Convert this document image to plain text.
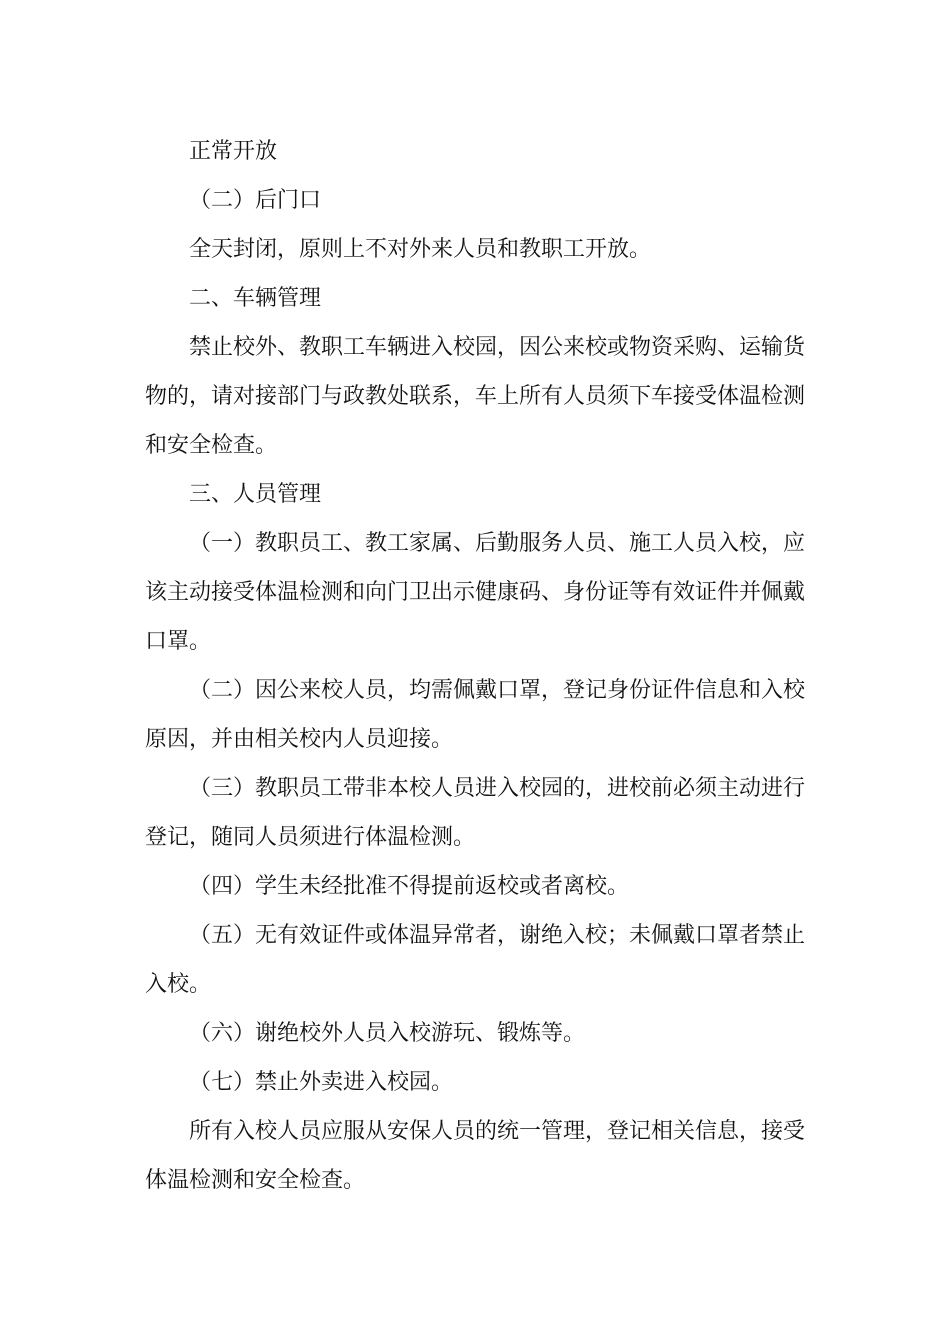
正常开放

（二）后门口

全天封闭，原则上不对外来人员和教职工开放。

二、车辆管理

禁止校外、教职工车辆进入校园，因公来校或物资采购、运输货物的，请对接部门与政教处联系，车上所有人员须下车接受体温检测和安全检查。

三、人员管理

（一）教职员工、教工家属、后勤服务人员、施工人员入校，应该主动接受体温检测和向门卫出示健康码、身份证等有效证件并佩戴口罩。

（二）因公来校人员，均需佩戴口罩，登记身份证件信息和入校原因，并由相关校内人员迎接。

（三）教职员工带非本校人员进入校园的，进校前必须主动进行登记，随同人员须进行体温检测。

（四）学生未经批准不得提前返校或者离校。

（五）无有效证件或体温异常者，谢绝入校；未佩戴口罩者禁止入校。

（六）谢绝校外人员入校游玩、锻炼等。

（七）禁止外卖进入校园。

所有入校人员应服从安保人员的统一管理，登记相关信息，接受体温检测和安全检查。
